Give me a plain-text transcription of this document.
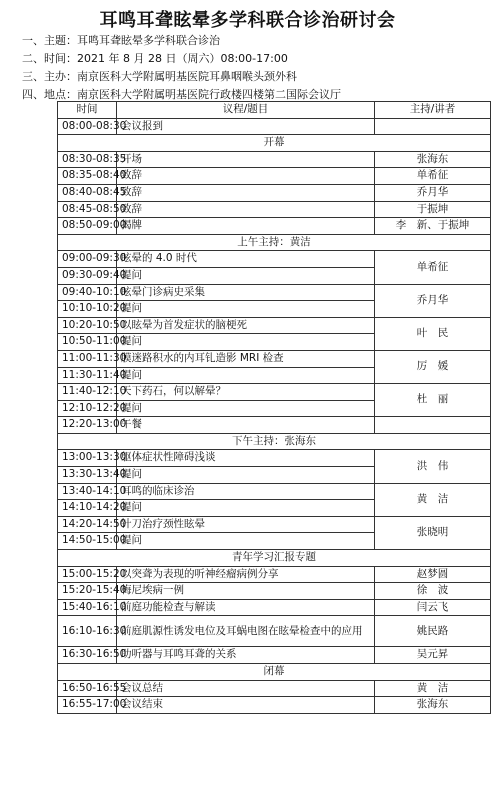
耳鸣耳聋眩晕多学科联合诊治研讨会
一、主题：耳鸣耳聋眩晕多学科联合诊治
二、时间：2021 年 8 月 28 日（周六）08:00-17:00
三、主办：南京医科大学附属明基医院耳鼻咽喉头颈外科
四、地点：南京医科大学附属明基医院行政楼四楼第二国际会议厅
时间	议程/题目	主持/讲者
08:00-08:30	会议报到	
开幕		
08:30-08:35	开场	张海东
08:35-08:40	致辞	单希征
08:40-08:45	致辞	乔月华
08:45-08:50	致辞	于振坤
08:50-09:00	揭牌	李　新、于振坤
上午主持：黄洁		
09:00-09:30	眩晕的 4.0 时代	单希征
09:30-09:40	提问	
09:40-10:10	眩晕门诊病史采集	乔月华
10:10-10:20	提问	
10:20-10:50	以眩晕为首发症状的脑梗死	叶　民
10:50-11:00	提问	
11:00-11:30	膜迷路积水的内耳钆造影 MRI 检查	厉　媛
11:30-11:40	提问	
11:40-12:10	天下药石，何以解晕？	杜　丽
12:10-12:20	提问	
12:20-13:00	午餐	
下午主持：张海东		
13:00-13:30	躯体症状性障碍浅谈	洪　伟
13:30-13:40	提问	
13:40-14:10	耳鸣的临床诊治	黄　洁
14:10-14:20	提问	
14:20-14:50	针刀治疗颈性眩晕	张晓明
14:50-15:00	提问	
青年学习汇报专题		
15:00-15:20	以突聋为表现的听神经瘤病例分享	赵梦圆
15:20-15:40	梅尼埃病一例	徐　波
15:40-16:10	前庭功能检查与解读	闫云飞
16:10-16:30	前庭肌源性诱发电位及耳蜗电图在眩晕检查中的应用	姚民路
16:30-16:50	助听器与耳鸣耳聋的关系	吴元昇
闭幕		
16:50-16:55	会议总结	黄　洁
16:55-17:00	会议结束	张海东
